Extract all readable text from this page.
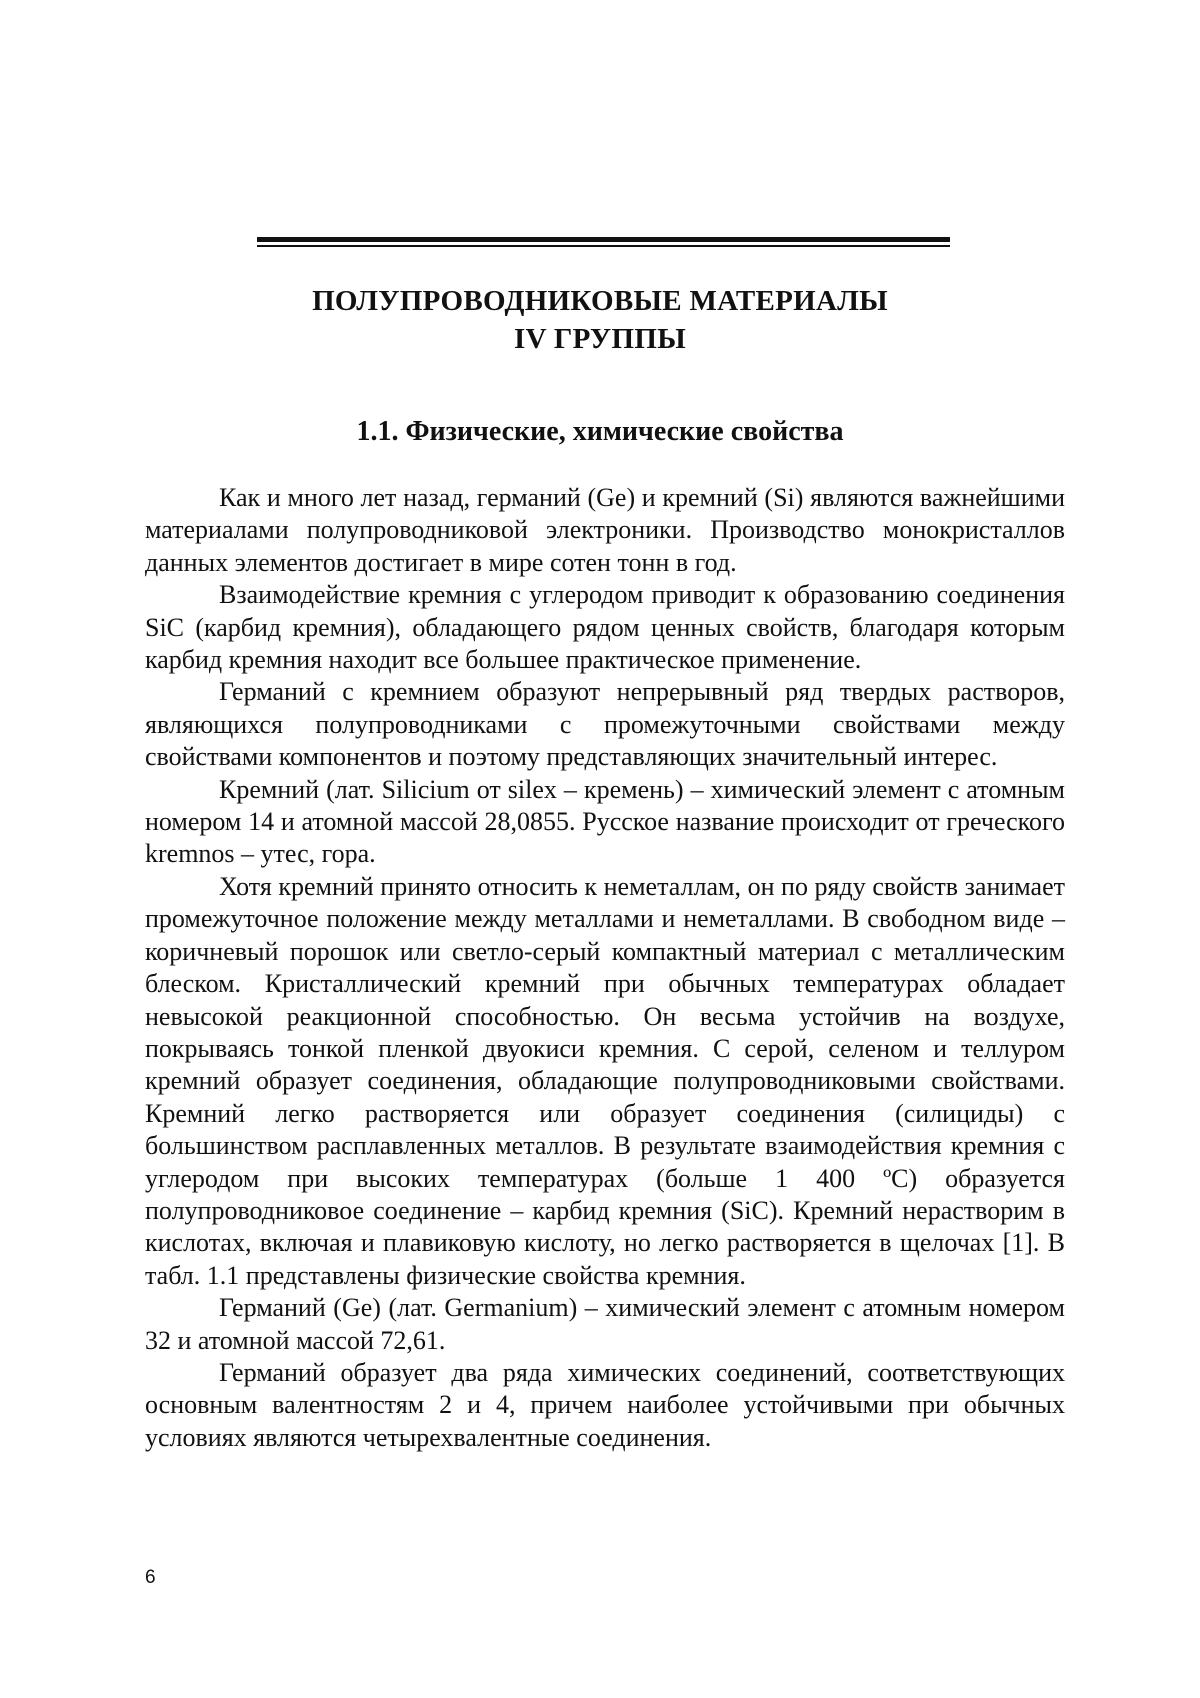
ПОЛУПРОВОДНИКОВЫЕ МАТЕРИАЛЫ
IV ГРУППЫ
1.1. Физические, химические свойства

Как и много лет назад, германий (Ge) и кремний (Si) являются важнейшими материалами полупроводниковой электроники. Производство монокристаллов данных элементов достигает в мире сотен тонн в год.

Взаимодействие кремния с углеродом приводит к образованию соединения SiC (карбид кремния), обладающего рядом ценных свойств, благодаря которым карбид кремния находит все большее практическое применение.

Германий с кремнием образуют непрерывный ряд твердых растворов, являющихся полупроводниками с промежуточными свойствами между свойствами компонентов и поэтому представляющих значительный интерес.

Кремний (лат. Silicium от silex – кремень) – химический элемент с атомным номером 14 и атомной массой 28,0855. Русское название происходит от греческого kremnos – утес, гора.

Хотя кремний принято относить к неметаллам, он по ряду свойств занимает промежуточное положение между металлами и неметаллами. В свободном виде – коричневый порошок или светло-серый компактный материал с металлическим блеском. Кристаллический кремний при обычных температурах обладает невысокой реакционной способностью. Он весьма устойчив на воздухе, покрываясь тонкой пленкой двуокиси кремния. С серой, селеном и теллуром кремний образует соединения, обладающие полупроводниковыми свойствами. Кремний легко растворяется или образует соединения (силициды) с большинством расплавленных металлов. В результате взаимодействия кремния с углеродом при высоких температурах (больше 1 400 ºС) образуется полупроводниковое соединение – карбид кремния (SiC). Кремний нерастворим в кислотах, включая и плавиковую кислоту, но легко растворяется в щелочах [1]. В табл. 1.1 представлены физические свойства кремния.

Германий (Ge) (лат. Germanium) – химический элемент с атомным номером 32 и атомной массой 72,61.

Германий образует два ряда химических соединений, соответствующих основным валентностям 2 и 4, причем наиболее устойчивыми при обычных условиях являются четырехвалентные соединения.

6
